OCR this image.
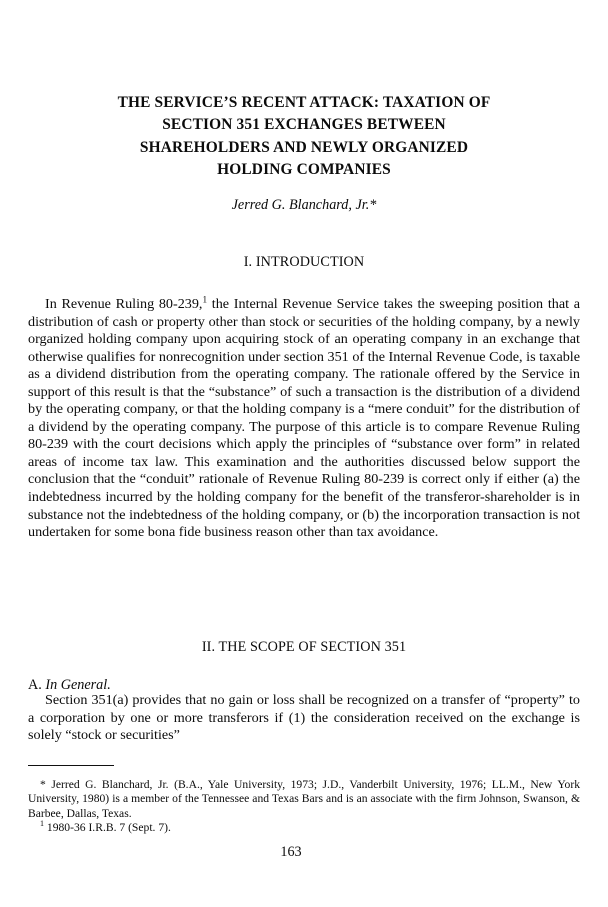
THE SERVICE’S RECENT ATTACK: TAXATION OF
SECTION 351 EXCHANGES BETWEEN
SHAREHOLDERS AND NEWLY ORGANIZED
HOLDING COMPANIES
Jerred G. Blanchard, Jr.*
I. INTRODUCTION
In Revenue Ruling 80-239,$^1$ the Internal Revenue Service takes the sweeping position that a distribution of cash or property other than stock or securities of the holding company, by a newly organized holding company upon acquiring stock of an operating company in an exchange that otherwise qualifies for nonrecognition under section 351 of the Internal Revenue Code, is taxable as a dividend distribution from the operating company. The rationale offered by the Service in support of this result is that the “substance” of such a transaction is the distribution of a dividend by the operating company, or that the holding company is a “mere conduit” for the distribution of a dividend by the operating company. The purpose of this article is to compare Revenue Ruling 80-239 with the court decisions which apply the principles of “substance over form” in related areas of income tax law. This examination and the authorities discussed below support the conclusion that the “conduit” rationale of Revenue Ruling 80-239 is correct only if either (a) the indebtedness incurred by the holding company for the benefit of the transferor-shareholder is in substance not the indebtedness of the holding company, or (b) the incorporation transaction is not undertaken for some bona fide business reason other than tax avoidance.
II. THE SCOPE OF SECTION 351
A. In General.
Section 351(a) provides that no gain or loss shall be recognized on a transfer of “property” to a corporation by one or more transferors if (1) the consideration received on the exchange is solely “stock or securities”

* Jerred G. Blanchard, Jr. (B.A., Yale University, 1973; J.D., Vanderbilt University, 1976; LL.M., New York University, 1980) is a member of the Tennessee and Texas Bars and is an associate with the firm Johnson, Swanson, & Barbee, Dallas, Texas.

$^1$ 1980-36 I.R.B. 7 (Sept. 7).

163
